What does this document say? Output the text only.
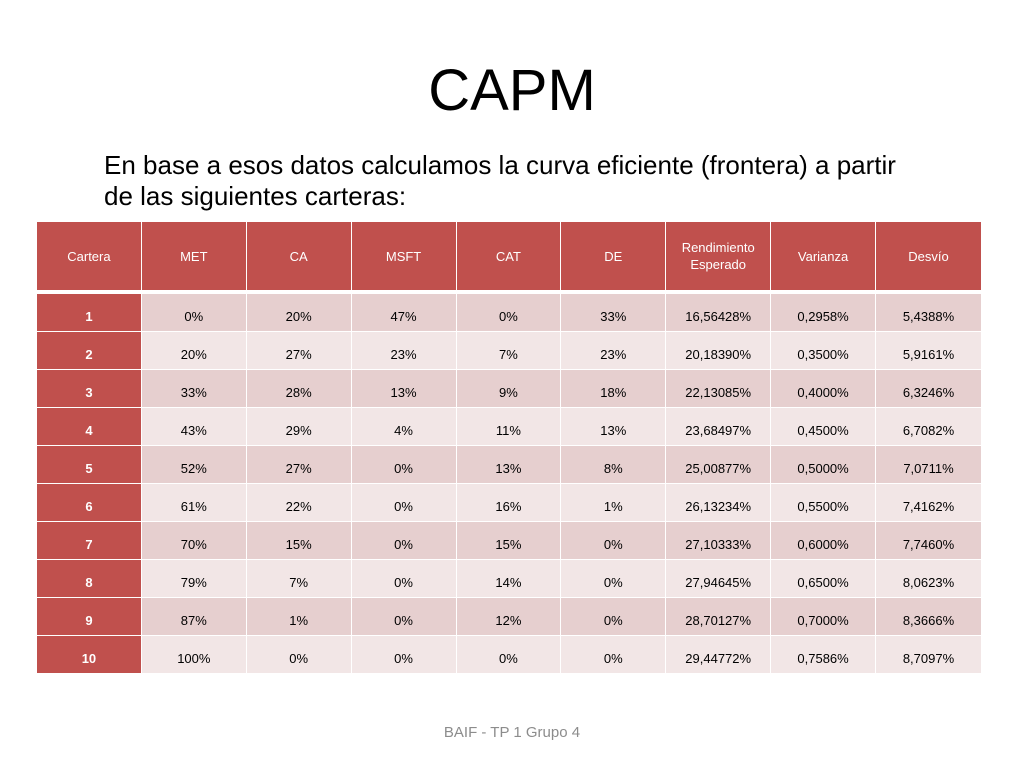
CAPM

En base a esos datos calculamos la curva eficiente (frontera) a partir de las siguientes carteras:

Cartera	MET	CA	MSFT	CAT	DE	Rendimiento Esperado	Varianza	Desvío
1	0%	20%	47%	0%	33%	16,56428%	0,2958%	5,4388%
2	20%	27%	23%	7%	23%	20,18390%	0,3500%	5,9161%
3	33%	28%	13%	9%	18%	22,13085%	0,4000%	6,3246%
4	43%	29%	4%	11%	13%	23,68497%	0,4500%	6,7082%
5	52%	27%	0%	13%	8%	25,00877%	0,5000%	7,0711%
6	61%	22%	0%	16%	1%	26,13234%	0,5500%	7,4162%
7	70%	15%	0%	15%	0%	27,10333%	0,6000%	7,7460%
8	79%	7%	0%	14%	0%	27,94645%	0,6500%	8,0623%
9	87%	1%	0%	12%	0%	28,70127%	0,7000%	8,3666%
10	100%	0%	0%	0%	0%	29,44772%	0,7586%	8,7097%
BAIF - TP 1 Grupo 4
